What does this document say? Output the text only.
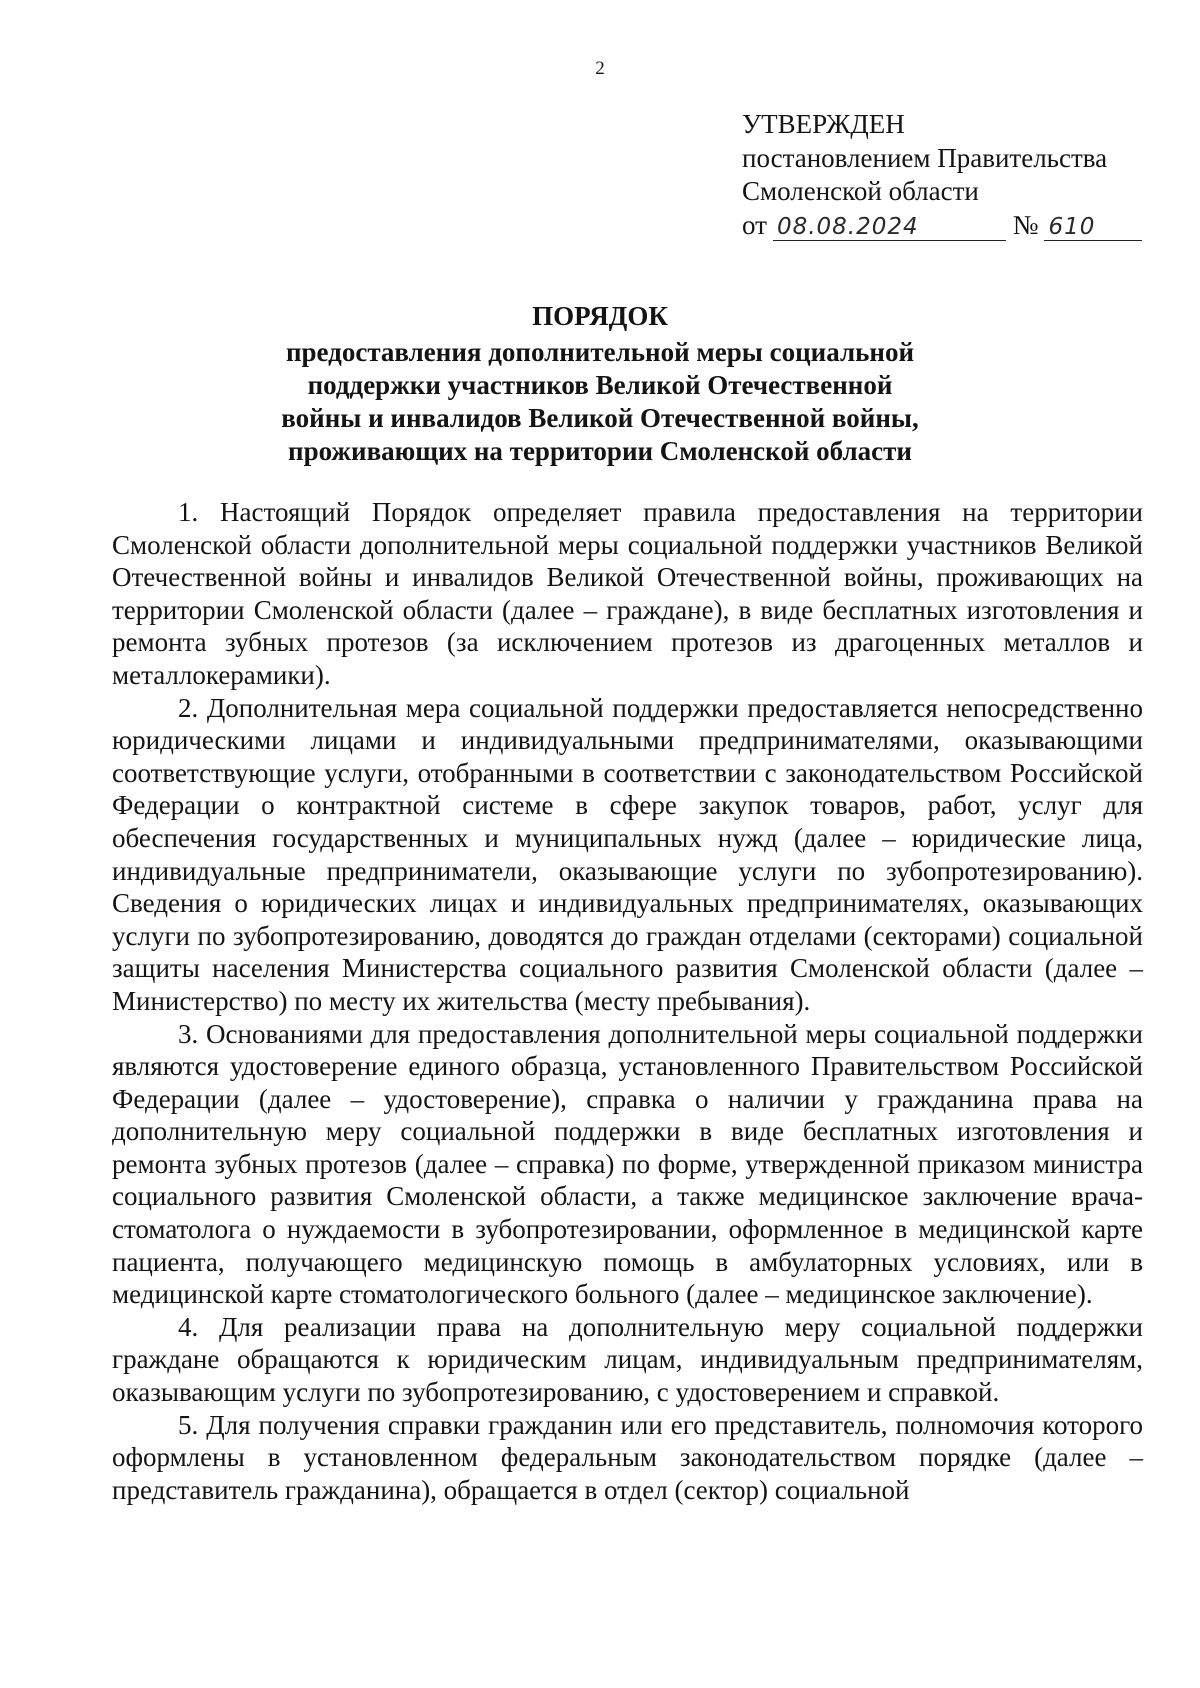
2
УТВЕРЖДЕН
постановлением Правительства
Смоленской области
от 08.08.2024	№ 610
ПОРЯДОК
предоставления дополнительной меры социальной
поддержки участников Великой Отечественной
войны и инвалидов Великой Отечественной войны,
проживающих на территории Смоленской области

1. Настоящий Порядок определяет правила предоставления на территории Смоленской области дополнительной меры социальной поддержки участников Великой Отечественной войны и инвалидов Великой Отечественной войны, проживающих на территории Смоленской области (далее – граждане), в виде бесплатных изготовления и ремонта зубных протезов (за исключением протезов из драгоценных металлов и металлокерамики).

2. Дополнительная мера социальной поддержки предоставляется непосредственно юридическими лицами и индивидуальными предпринимателями, оказывающими соответствующие услуги, отобранными в соответствии с законодательством Российской Федерации о контрактной системе в сфере закупок товаров, работ, услуг для обеспечения государственных и муниципальных нужд (далее – юридические лица, индивидуальные предприниматели, оказывающие услуги по зубопротезированию). Сведения о юридических лицах и индивидуальных предпринимателях, оказывающих услуги по зубопротезированию, доводятся до граждан отделами (секторами) социальной защиты населения Министерства социального развития Смоленской области (далее – Министерство) по месту их жительства (месту пребывания).

3. Основаниями для предоставления дополнительной меры социальной поддержки являются удостоверение единого образца, установленного Правительством Российской Федерации (далее – удостоверение), справка о наличии у гражданина права на дополнительную меру социальной поддержки в виде бесплатных изготовления и ремонта зубных протезов (далее – справка) по форме, утвержденной приказом министра социального развития Смоленской области, а также медицинское заключение врача-стоматолога о нуждаемости в зубопротезировании, оформленное в медицинской карте пациента, получающего медицинскую помощь в амбулаторных условиях, или в медицинской карте стоматологического больного (далее – медицинское заключение).

4. Для реализации права на дополнительную меру социальной поддержки граждане обращаются к юридическим лицам, индивидуальным предпринимателям, оказывающим услуги по зубопротезированию, с удостоверением и справкой.

5. Для получения справки гражданин или его представитель, полномочия которого оформлены в установленном федеральным законодательством порядке (далее – представитель гражданина), обращается в отдел (сектор) социальной
